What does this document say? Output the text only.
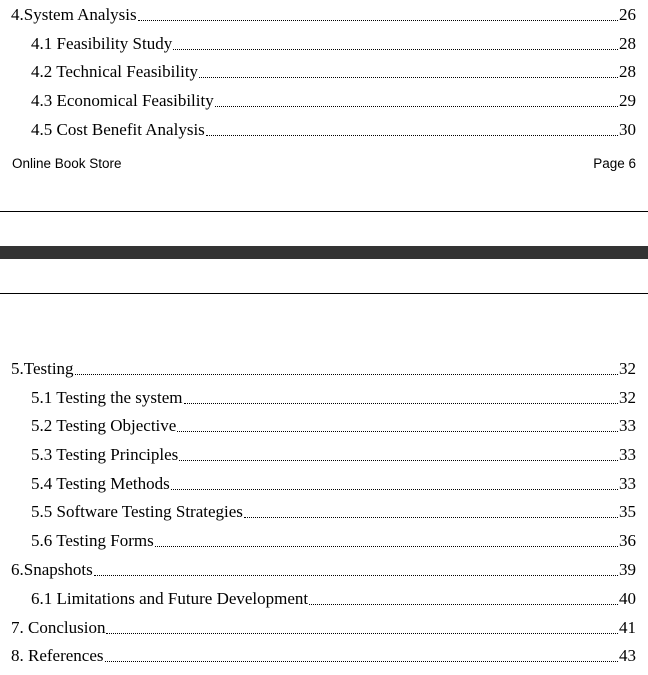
4.System Analysis	26
4.1 Feasibility Study	28
4.2 Technical Feasibility	28
4.3 Economical Feasibility	29
4.5 Cost Benefit Analysis	30
Online Book Store	Page 6
5.Testing	32
5.1 Testing the system	32
5.2 Testing Objective	33
5.3 Testing Principles	33
5.4 Testing Methods	33
5.5 Software Testing Strategies	35
5.6 Testing Forms	36
6.Snapshots	39
6.1 Limitations and Future Development	40
7. Conclusion	41
8. References	43
